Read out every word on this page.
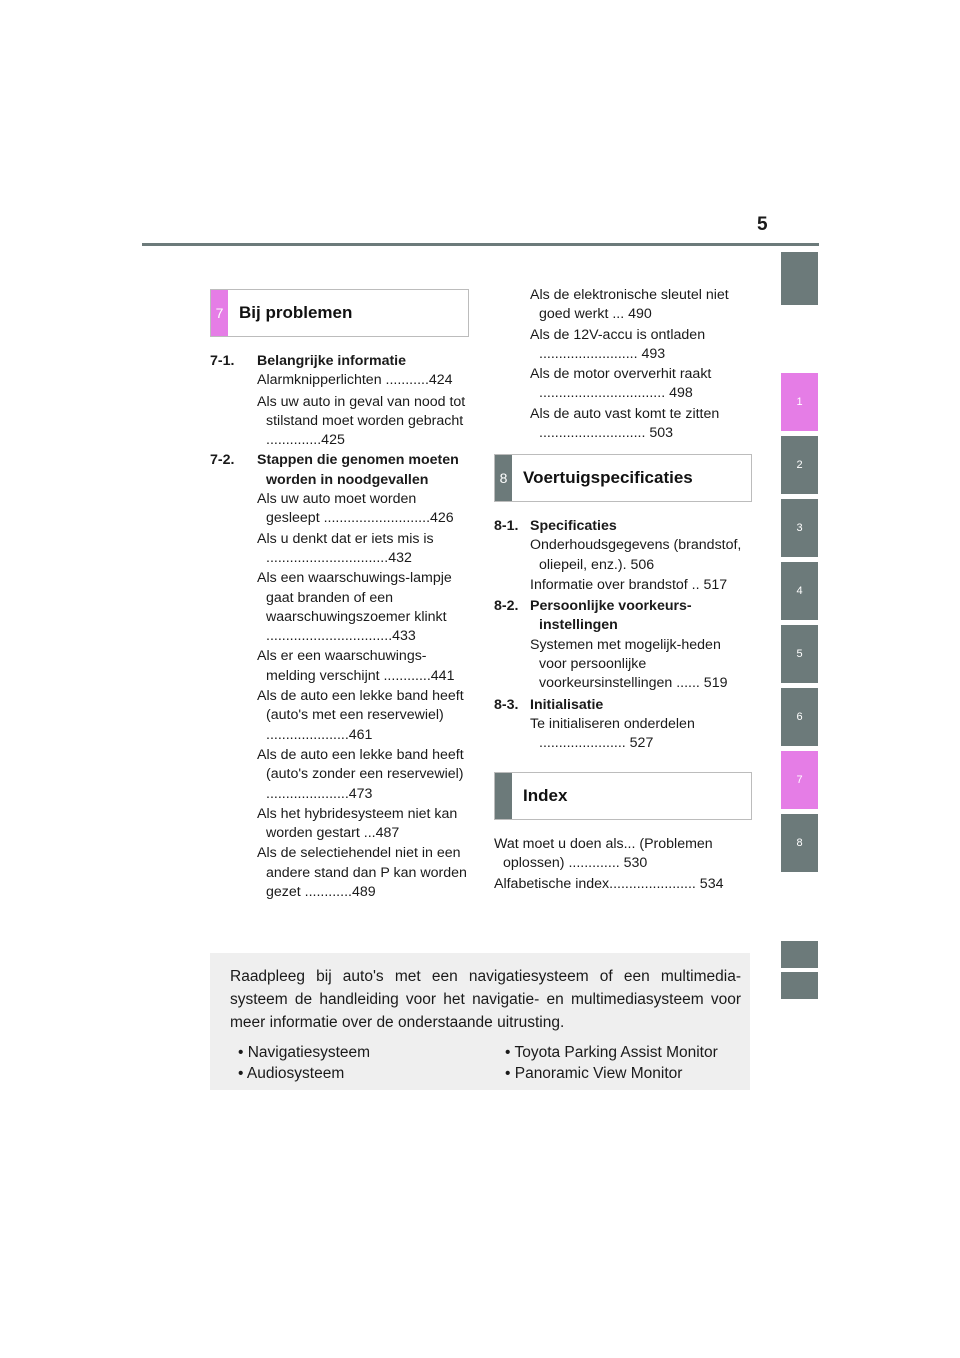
5
1
2
3
4
5
6
7
8
7 Bij problemen
7-1.	Belangrijke informatie
Alarmknipperlichten ...........424
Als uw auto in geval van nood tot stilstand moet worden gebracht ..............425
7-2.	Stappen die genomen moeten worden in noodgevallen
Als uw auto moet worden gesleept ...........................426
Als u denkt dat er iets mis is ...............................432
Als een waarschuwings-lampje gaat branden of een waarschuwingszoemer klinkt ................................433
Als er een waarschuwings-melding verschijnt ............441
Als de auto een lekke band heeft (auto's met een reservewiel) .....................461
Als de auto een lekke band heeft (auto's zonder een reservewiel) .....................473
Als het hybridesysteem niet kan worden gestart ...487
Als de selectiehendel niet in een andere stand dan P kan worden gezet ............489
Als de elektronische sleutel niet goed werkt ... 490
Als de 12V-accu is ontladen ......................... 493
Als de motor oververhit raakt ................................ 498
Als de auto vast komt te zitten ........................... 503
8 Voertuigspecificaties
8-1. Specificaties
Onderhoudsgegevens (brandstof, oliepeil, enz.). 506
Informatie over brandstof .. 517
8-2. Persoonlijke voorkeurs-instellingen
Systemen met mogelijk-heden voor persoonlijke voorkeursinstellingen ...... 519
8-3. Initialisatie
Te initialiseren onderdelen ...................... 527
Index
Wat moet u doen als... (Problemen oplossen) ............. 530
Alfabetische index...................... 534
Raadpleeg bij auto's met een navigatiesysteem of een multimedia-systeem de handleiding voor het navigatie- en multimediasysteem voor meer informatie over de onderstaande uitrusting.
• Navigatiesysteem
• Audiosysteem
• Toyota Parking Assist Monitor
• Panoramic View Monitor
